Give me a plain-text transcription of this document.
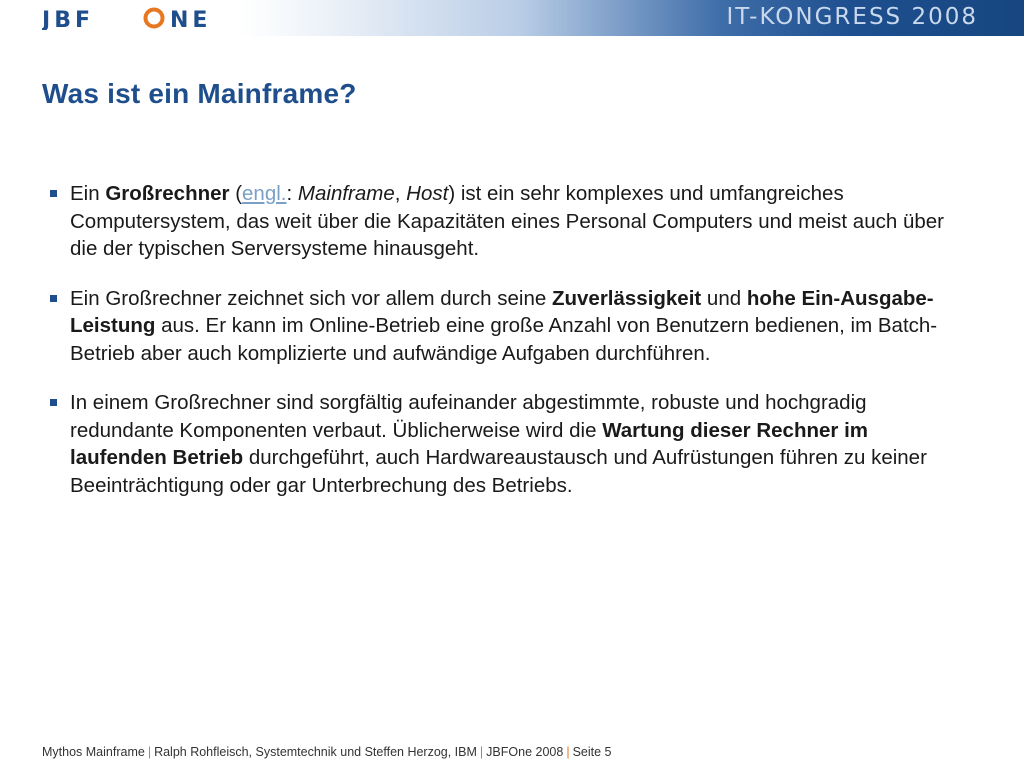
JBF	NE	IT-KONGRESS 2008
Was ist ein Mainframe?
Ein Großrechner (engl.: Mainframe, Host) ist ein sehr komplexes und umfangreiches Computersystem, das weit über die Kapazitäten eines Personal Computers und meist auch über die der typischen Serversysteme hinausgeht.
Ein Großrechner zeichnet sich vor allem durch seine Zuverlässigkeit und hohe Ein-Ausgabe-Leistung aus. Er kann im Online-Betrieb eine große Anzahl von Benutzern bedienen, im Batch-Betrieb aber auch komplizierte und aufwändige Aufgaben durchführen.
In einem Großrechner sind sorgfältig aufeinander abgestimmte, robuste und hochgradig redundante Komponenten verbaut. Üblicherweise wird die Wartung dieser Rechner im laufenden Betrieb durchgeführt, auch Hardwareaustausch und Aufrüstungen führen zu keiner Beeinträchtigung oder gar Unterbrechung des Betriebs.
Mythos Mainframe | Ralph Rohfleisch, Systemtechnik und Steffen Herzog, IBM | JBFOne 2008 | Seite 5
